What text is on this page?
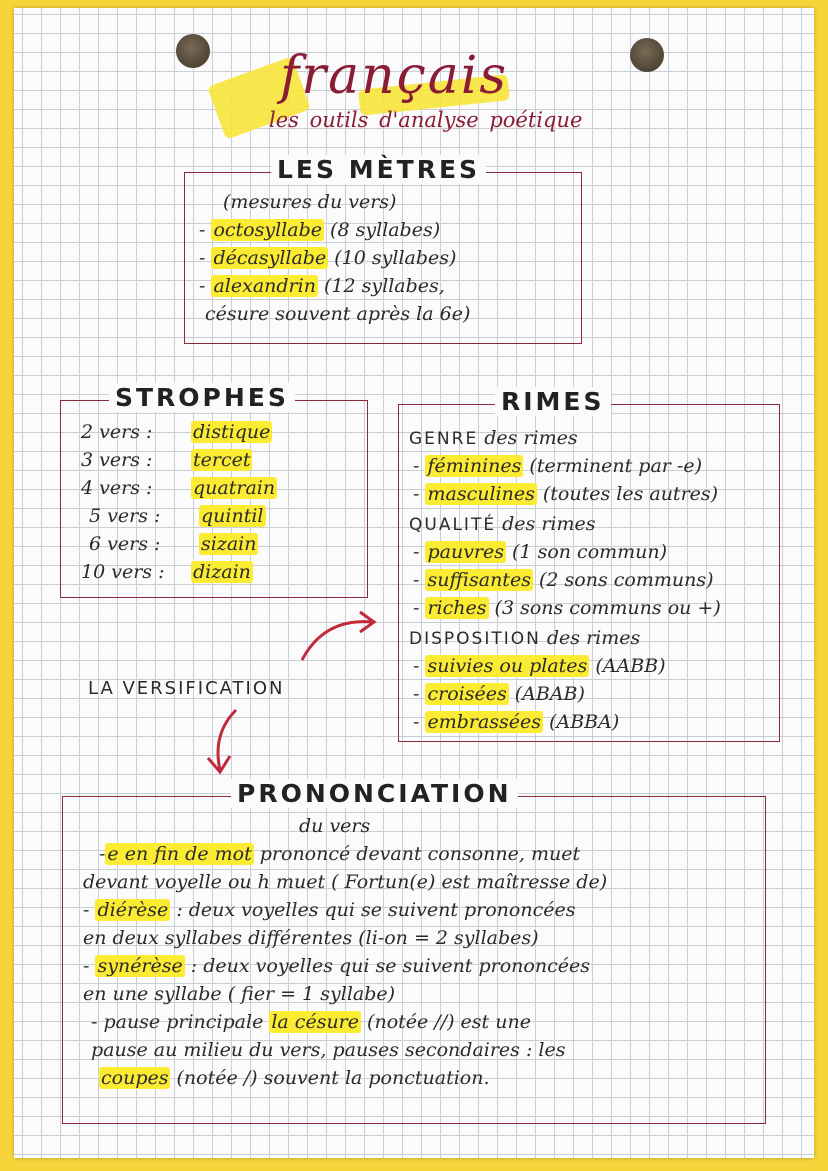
français
les outils d'analyse poétique
LES MÈTRES
(mesures du vers)
- octosyllabe (8 syllabes)
- décasyllabe (10 syllabes)
- alexandrin (12 syllabes,
césure souvent après la 6e)
STROPHES
2 vers : distique
3 vers : tercet
4 vers : quatrain
5 vers : quintil
6 vers : sizain
10 vers : dizain
RIMES
GENRE des rimes
- féminines (terminent par -e)
- masculines (toutes les autres)
QUALITÉ des rimes
- pauvres (1 son commun)
- suffisantes (2 sons communs)
- riches (3 sons communs ou +)
DISPOSITION des rimes
- suivies ou plates (AABB)
- croisées (ABAB)
- embrassées (ABBA)
LA VERSIFICATION
PRONONCIATION
du vers
- e en fin de mot prononcé devant consonne, muet
devant voyelle ou h muet ( Fortun(e) est maîtresse de)
- diérèse : deux voyelles qui se suivent prononcées
en deux syllabes différentes (li-on = 2 syllabes)
- synérèse : deux voyelles qui se suivent prononcées
en une syllabe ( fier = 1 syllabe)
- pause principale la césure (notée //) est une
pause au milieu du vers, pauses secondaires : les
coupes (notée /) souvent la ponctuation.
